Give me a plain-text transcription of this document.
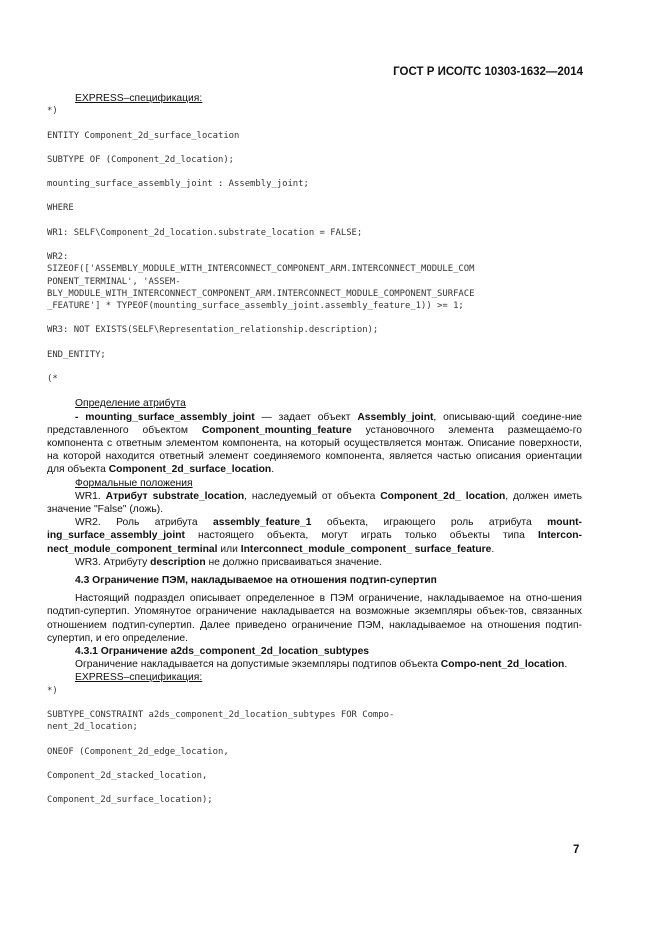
ГОСТ Р ИСО/ТС 10303-1632—2014

EXPRESS–спецификация:

*)
ENTITY Component_2d_surface_location
SUBTYPE OF (Component_2d_location);
mounting_surface_assembly_joint : Assembly_joint;
WHERE
WR1: SELF\Component_2d_location.substrate_location = FALSE;
WR2:
SIZEOF(['ASSEMBLY_MODULE_WITH_INTERCONNECT_COMPONENT_ARM.INTERCONNECT_MODULE_COM
PONENT_TERMINAL', 'ASSEM-
BLY_MODULE_WITH_INTERCONNECT_COMPONENT_ARM.INTERCONNECT_MODULE_COMPONENT_SURFACE
_FEATURE'] * TYPEOF(mounting_surface_assembly_joint.assembly_feature_1)) >= 1;
WR3: NOT EXISTS(SELF\Representation_relationship.description);
END_ENTITY;
(*

Определение атрибута

- mounting_surface_assembly_joint — задает объект Assembly_joint, описываю-щий соедине-ние представленного объектом Component_mounting_feature установочного элемента размещаемо-го компонента с ответным элементом компонента, на который осуществляется монтаж. Описание поверхности, на которой находится ответный элемент соединяемого компонента, является частью описания ориентации для объекта Component_2d_surface_location.

Формальные положения

WR1. Атрибут substrate_location, наследуемый от объекта Component_2d_ location, должен иметь значение "False" (ложь).

WR2. Роль атрибута assembly_feature_1 объекта, играющего роль атрибута mount-ing_surface_assembly_joint настоящего объекта, могут играть только объекты типа Intercon-nect_module_component_terminal или Interconnect_module_component_ surface_feature.

WR3. Атрибуту description не должно присваиваться значение.

4.3 Ограничение ПЭМ, накладываемое на отношения подтип-супертип

Настоящий подраздел описывает определенное в ПЭМ ограничение, накладываемое на отно-шения подтип-супертип. Упомянутое ограничение накладывается на возможные экземпляры объек-тов, связанных отношением подтип-супертип. Далее приведено ограничение ПЭМ, накладываемое на отношения подтип-супертип, и его определение.

4.3.1 Ограничение a2ds_component_2d_location_subtypes

Ограничение накладывается на допустимые экземпляры подтипов объекта Compo-nent_2d_location.

EXPRESS–спецификация:

*)
SUBTYPE_CONSTRAINT a2ds_component_2d_location_subtypes FOR Compo-
nent_2d_location;
ONEOF (Component_2d_edge_location,
Component_2d_stacked_location,
Component_2d_surface_location);
7
